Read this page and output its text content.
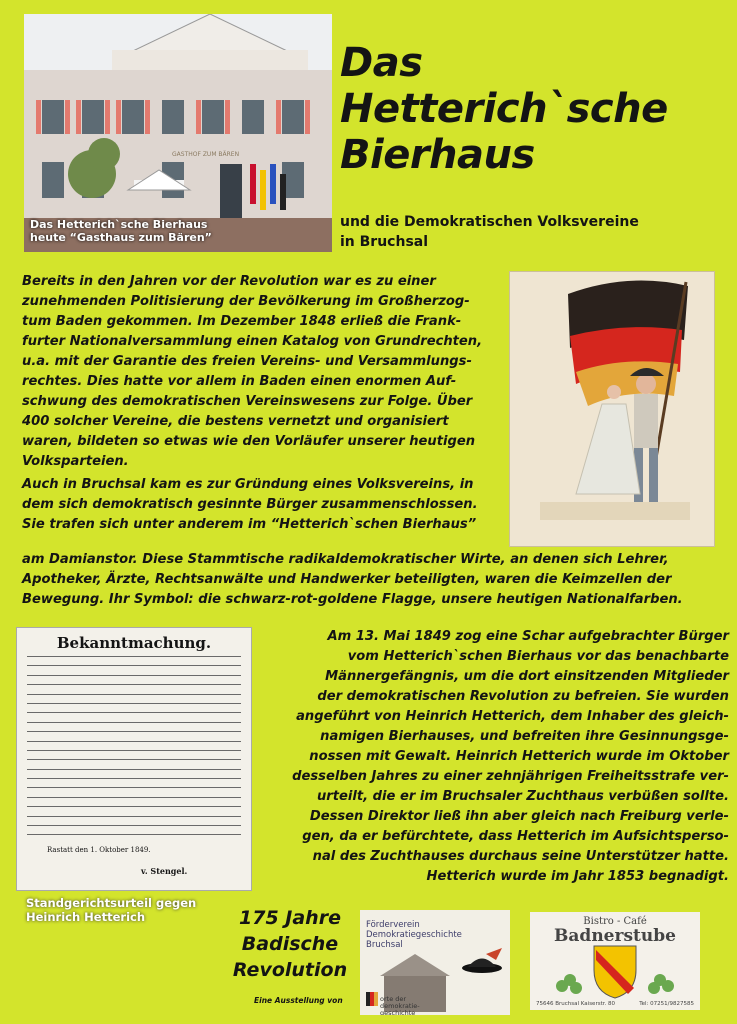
GASTHOF ZUM BÄREN
Das Hetterich`sche Bierhaus
heute “Gasthaus zum Bären”
Das
Hetterich`sche
Bierhaus
und die Demokratischen Volksvereine
in Bruchsal
Bereits in den Jahren vor der Revolution war es zu einer
zunehmenden Politisierung der Bevölkerung im Großherzog-
tum Baden gekommen. Im Dezember 1848 erließ die Frank-
furter Nationalversammlung einen Katalog von Grundrechten,
u.a. mit der Garantie des freien Vereins- und Versammlungs-
rechtes. Dies hatte vor allem in Baden einen enormen Auf-
schwung des demokratischen Vereinswesens zur Folge. Über
400 solcher Vereine, die bestens vernetzt und organisiert
waren, bildeten so etwas wie den Vorläufer unserer heutigen
Volksparteien.
Auch in Bruchsal kam es zur Gründung eines Volksvereins, in
dem sich demokratisch gesinnte Bürger zusammenschlossen.
Sie trafen sich unter anderem im “Hetterich`schen Bierhaus”
am Damianstor. Diese Stammtische radikaldemokratischer Wirte, an denen sich Lehrer,
Apotheker, Ärzte, Rechtsanwälte und Handwerker beteiligten, waren die Keimzellen der
Bewegung. Ihr Symbol: die schwarz-rot-goldene Flagge, unsere heutigen Nationalfarben.
Bekanntmachung.
Rastatt den 1. Oktober 1849.
v. Stengel.
Standgerichtsurteil gegen
Heinrich Hetterich
Am 13. Mai 1849 zog eine Schar aufgebrachter Bürger
vom Hetterich`schen Bierhaus vor das benachbarte
Männergefängnis, um die dort einsitzenden Mitglieder
der demokratischen Revolution zu befreien. Sie wurden
angeführt von Heinrich Hetterich, dem Inhaber des gleich-
namigen Bierhauses, und befreiten ihre Gesinnungsge-
nossen mit Gewalt. Heinrich Hetterich wurde im Oktober
desselben Jahres zu einer zehnjährigen Freiheitsstrafe ver-
urteilt, die er im Bruchsaler Zuchthaus verbüßen sollte.
Dessen Direktor ließ ihn aber gleich nach Freiburg verle-
gen, da er befürchtete, dass Hetterich im Aufsichtsperso-
nal des Zuchthauses durchaus seine Unterstützer hatte.
Hetterich wurde im Jahr 1853 begnadigt.
175 Jahre
Badische
Revolution
Eine Ausstellung von
Förderverein
Demokratiegeschichte
Bruchsal
orte der
demokratie-
geschichte
Bistro - Café
Badnerstube
75646 Bruchsal Kaiserstr. 80	Tel: 07251/9827585
